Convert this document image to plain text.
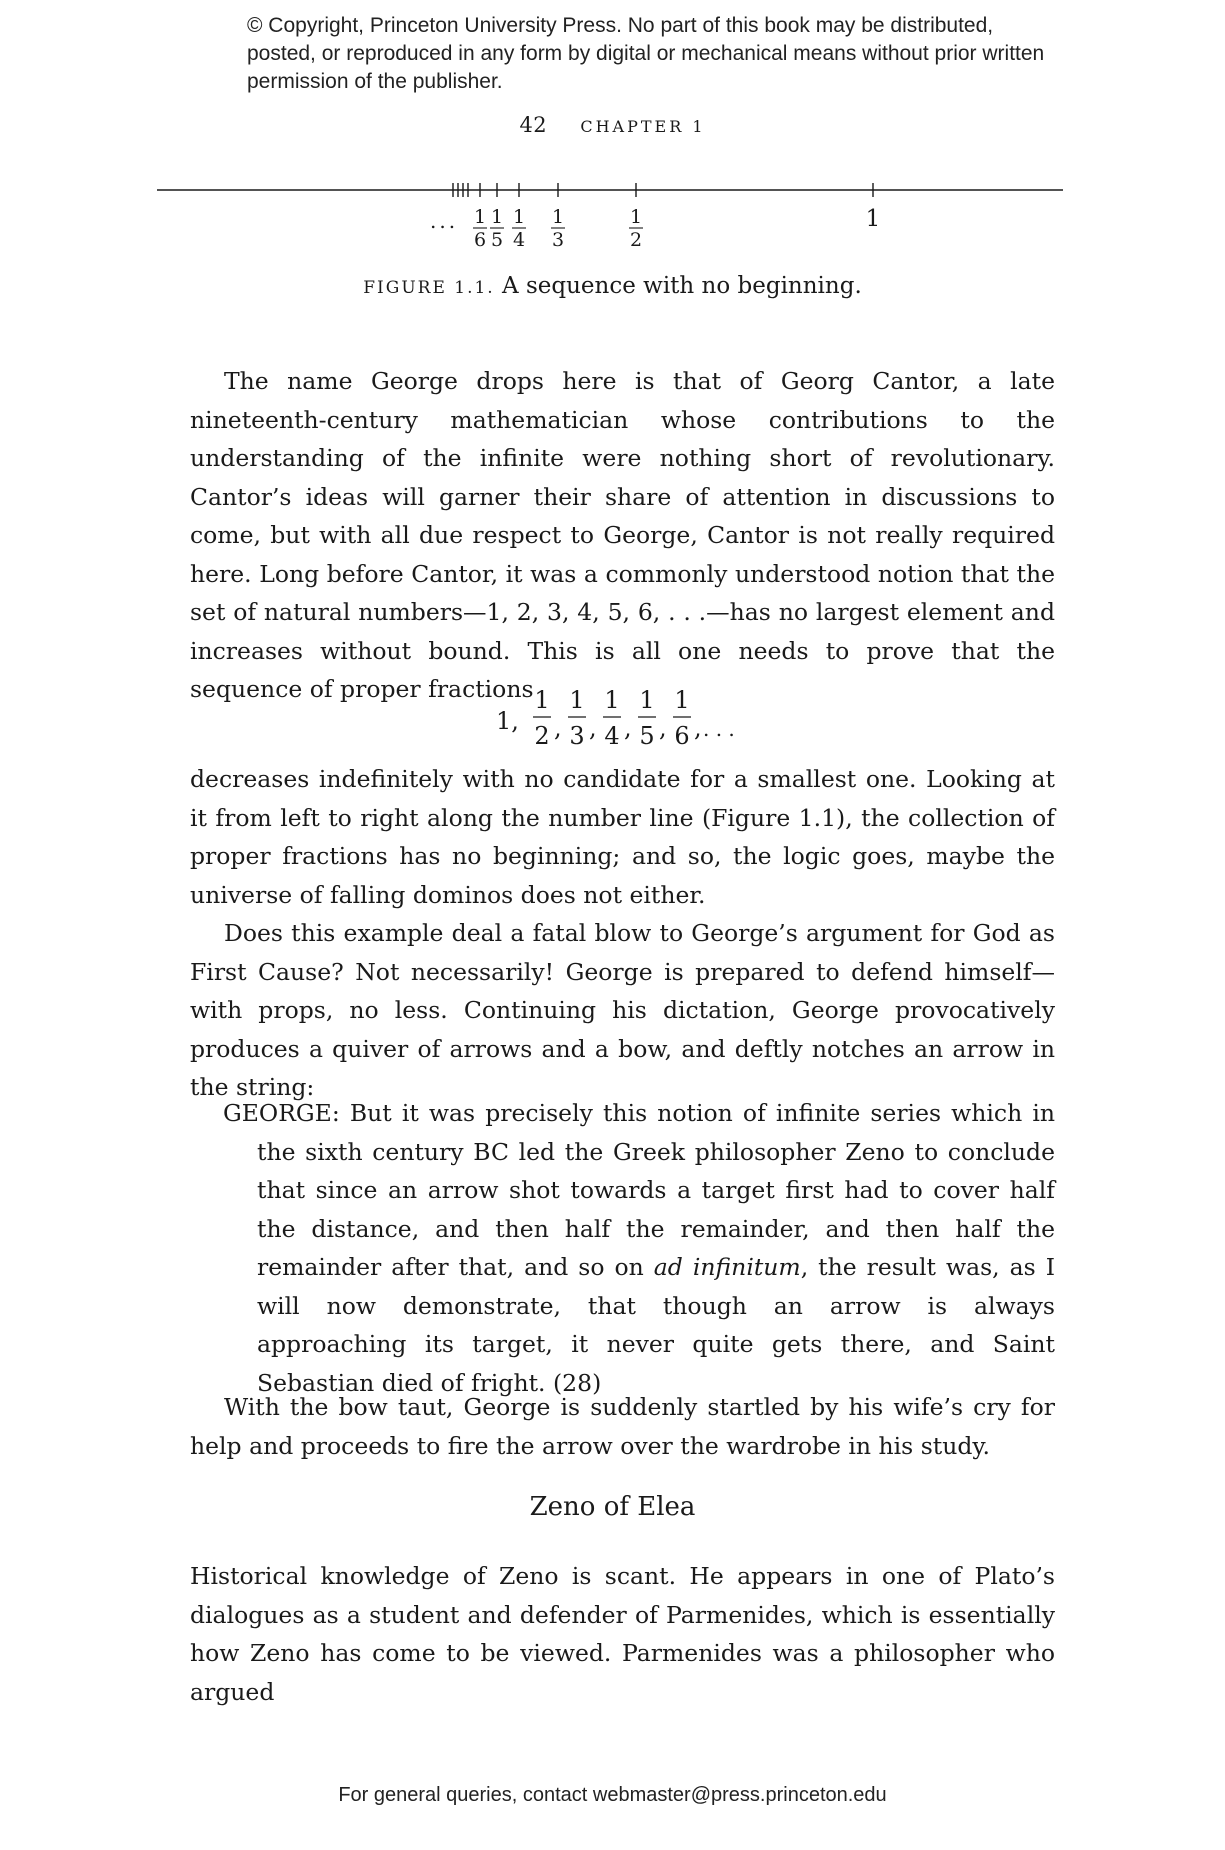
© Copyright, Princeton University Press. No part of this book may be distributed, posted, or reproduced in any form by digital or mechanical means without prior written permission of the publisher.
42 CHAPTER 1
... 1
6
1
5
1
4
1
3
1
2
1
FIGURE 1.1. A sequence with no beginning.

The name George drops here is that of Georg Cantor, a late nineteenth-century mathematician whose contributions to the understanding of the infinite were nothing short of revolutionary. Cantor’s ideas will garner their share of attention in discussions to come, but with all due respect to George, Cantor is not really required here. Long before Cantor, it was a commonly understood notion that the set of natural numbers—1, 2, 3, 4, 5, 6, . . .—has no largest element and increases without bound. This is all one needs to prove that the sequence of proper fractions

1,
1
2 ,
1
3 ,
1
4 ,
1
5 ,
1
6 , . . .

decreases indefinitely with no candidate for a smallest one. Looking at it from left to right along the number line (Figure 1.1), the collection of proper fractions has no beginning; and so, the logic goes, maybe the universe of falling dominos does not either.

Does this example deal a fatal blow to George’s argument for God as First Cause? Not necessarily! George is prepared to defend himself—with props, no less. Continuing his dictation, George provocatively produces a quiver of arrows and a bow, and deftly notches an arrow in the string:

GEORGE: But it was precisely this notion of infinite series which in the sixth century BC led the Greek philosopher Zeno to conclude that since an arrow shot towards a target first had to cover half the distance, and then half the remainder, and then half the remainder after that, and so on ad infinitum, the result was, as I will now demonstrate, that though an arrow is always approaching its target, it never quite gets there, and Saint Sebastian died of fright. (28)

With the bow taut, George is suddenly startled by his wife’s cry for help and proceeds to fire the arrow over the wardrobe in his study.

Zeno of Elea

Historical knowledge of Zeno is scant. He appears in one of Plato’s dialogues as a student and defender of Parmenides, which is essentially how Zeno has come to be viewed. Parmenides was a philosopher who argued

For general queries, contact webmaster@press.princeton.edu
